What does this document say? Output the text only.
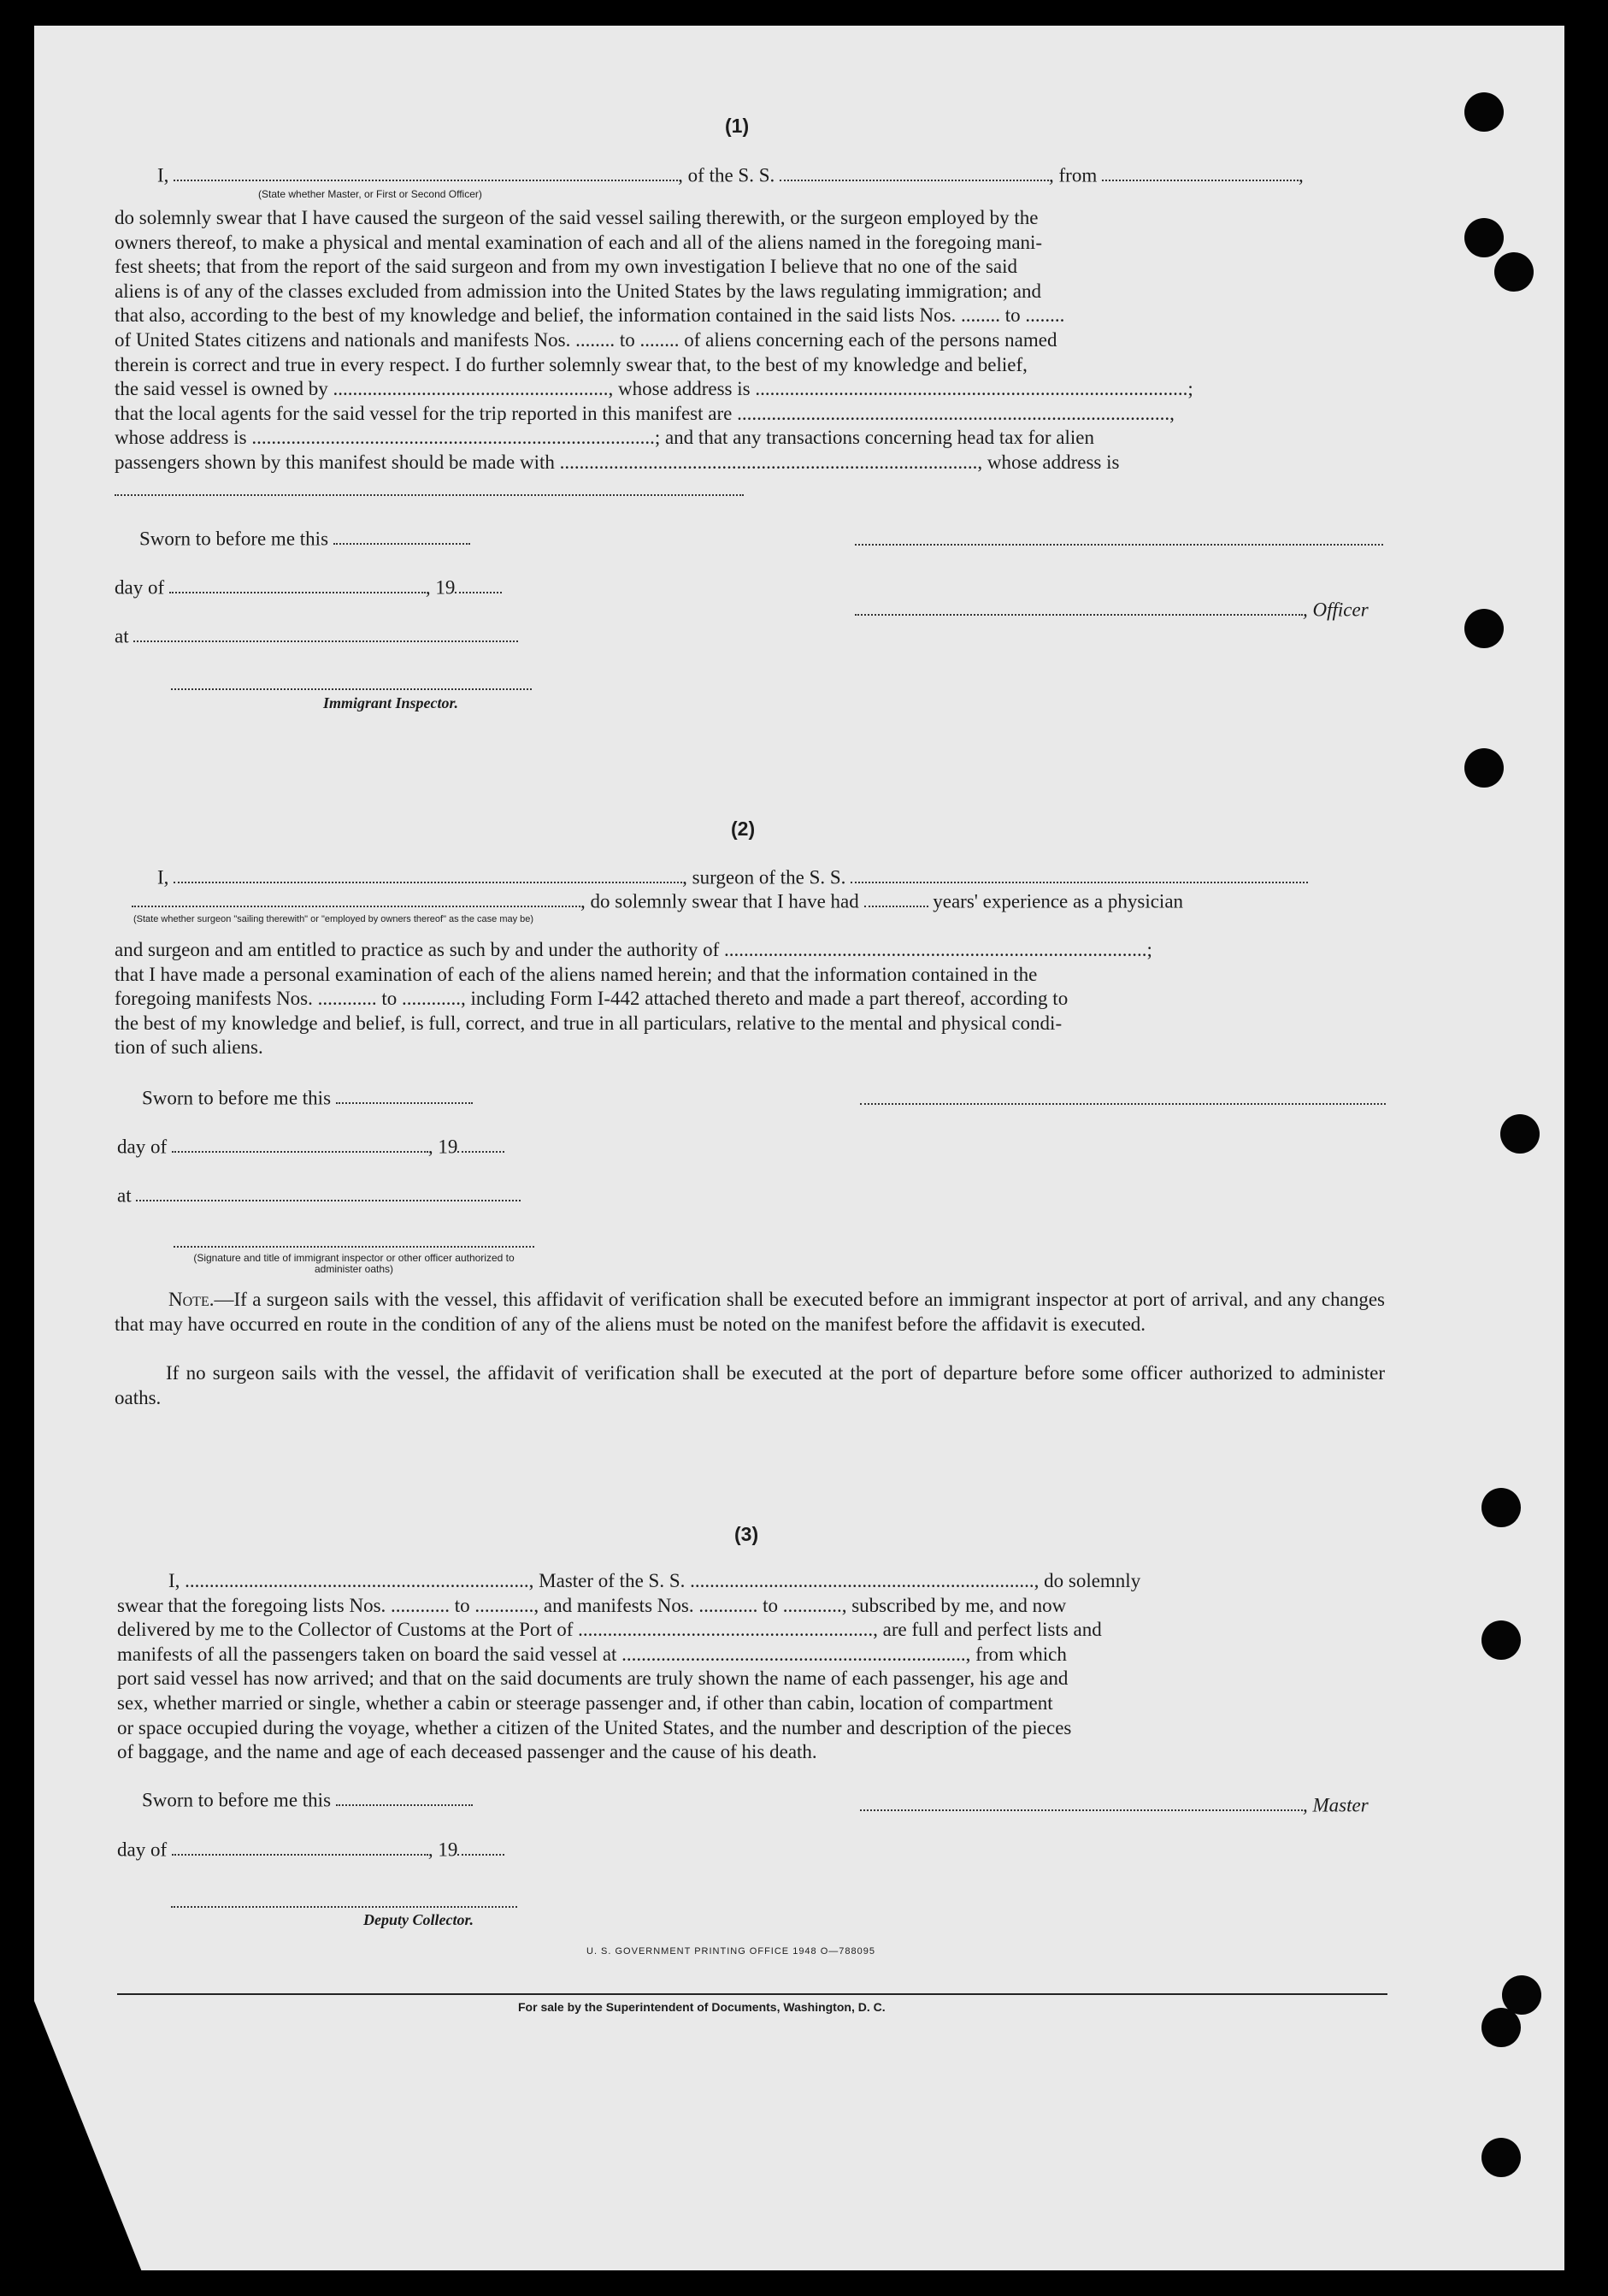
(1)
I,	, of the S. S.	, from	,
(State whether Master, or First or Second Officer)
do solemnly swear that I have caused the surgeon of the said vessel sailing therewith, or the surgeon employed by the
owners thereof, to make a physical and mental examination of each and all of the aliens named in the foregoing mani-
fest sheets; that from the report of the said surgeon and from my own investigation I believe that no one of the said
aliens is of any of the classes excluded from admission into the United States by the laws regulating immigration; and
that also, according to the best of my knowledge and belief, the information contained in the said lists Nos. ........ to ........
of United States citizens and nationals and manifests Nos. ........ to ........ of aliens concerning each of the persons named
therein is correct and true in every respect. I do further solemnly swear that, to the best of my knowledge and belief,
the said vessel is owned by ........................................................, whose address is ........................................................................................;
that the local agents for the said vessel for the trip reported in this manifest are ........................................................................................,
whose address is ..................................................................................; and that any transactions concerning head tax for alien
passengers shown by this manifest should be made with ....................................................................................., whose address is
Sworn to before me this
day of	, 19
at
Immigrant Inspector.
, Officer
(2)
I,	, surgeon of the S. S.
, do solemnly swear that I have had	years' experience as a physician
(State whether surgeon "sailing therewith" or "employed by owners thereof" as the case may be)
and surgeon and am entitled to practice as such by and under the authority of ......................................................................................;
that I have made a personal examination of each of the aliens named herein; and that the information contained in the
foregoing manifests Nos. ............ to ............, including Form I-442 attached thereto and made a part thereof, according to
the best of my knowledge and belief, is full, correct, and true in all particulars, relative to the mental and physical condi-
tion of such aliens.
Sworn to before me this
day of	, 19
at
(Signature and title of immigrant inspector or other officer authorized to administer oaths)
Note.—If a surgeon sails with the vessel, this affidavit of verification shall be executed before an immigrant inspector at port of arrival, and any changes that may have occurred en route in the condition of any of the aliens must be noted on the manifest before the affidavit is executed.
If no surgeon sails with the vessel, the affidavit of verification shall be executed at the port of departure before some officer authorized to administer oaths.
(3)
I, ......................................................................, Master of the S. S. ......................................................................, do solemnly
swear that the foregoing lists Nos. ............ to ............, and manifests Nos. ............ to ............, subscribed by me, and now
delivered by me to the Collector of Customs at the Port of ............................................................, are full and perfect lists and
manifests of all the passengers taken on board the said vessel at ......................................................................, from which
port said vessel has now arrived; and that on the said documents are truly shown the name of each passenger, his age and
sex, whether married or single, whether a cabin or steerage passenger and, if other than cabin, location of compartment
or space occupied during the voyage, whether a citizen of the United States, and the number and description of the pieces
of baggage, and the name and age of each deceased passenger and the cause of his death.
Sworn to before me this	, Master
day of	, 19
Deputy Collector.
U. S. GOVERNMENT PRINTING OFFICE 1948 O—788095
For sale by the Superintendent of Documents, Washington, D. C.
